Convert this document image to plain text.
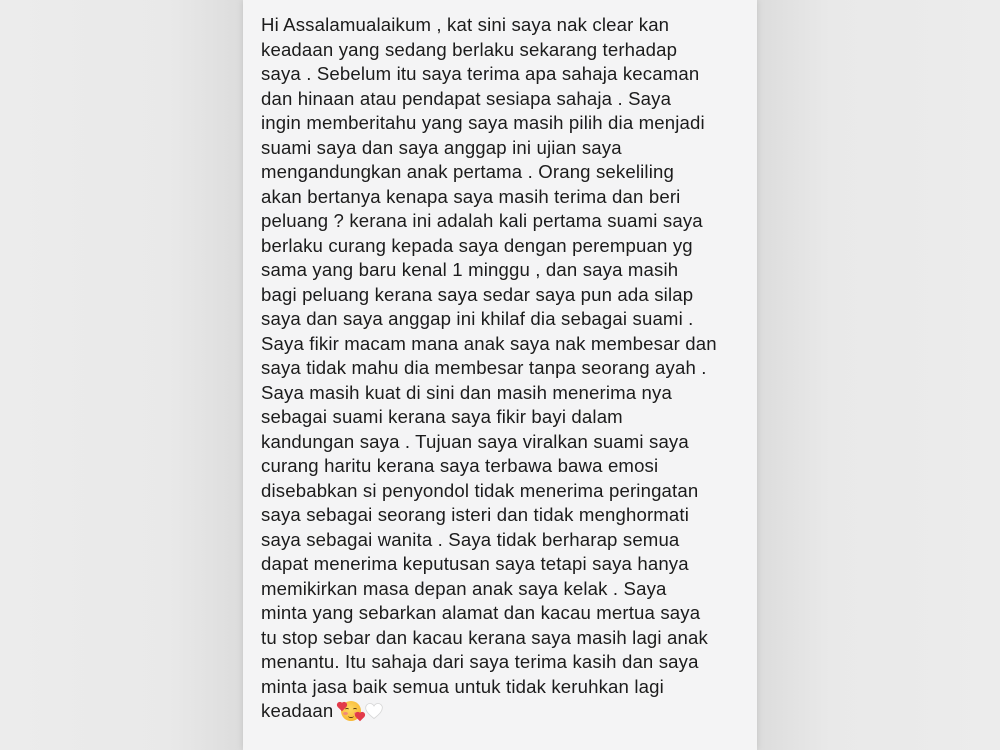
Hi Assalamualaikum , kat sini saya nak clear kan
keadaan yang sedang berlaku sekarang terhadap
saya . Sebelum itu saya terima apa sahaja kecaman
dan hinaan atau pendapat sesiapa sahaja . Saya
ingin memberitahu yang saya masih pilih dia menjadi
suami saya dan saya anggap ini ujian saya
mengandungkan anak pertama . Orang sekeliling
akan bertanya kenapa saya masih terima dan beri
peluang ? kerana ini adalah kali pertama suami saya
berlaku curang kepada saya dengan perempuan yg
sama yang baru kenal 1 minggu , dan saya masih
bagi peluang kerana saya sedar saya pun ada silap
saya dan saya anggap ini khilaf dia sebagai suami .
Saya fikir macam mana anak saya nak membesar dan
saya tidak mahu dia membesar tanpa seorang ayah .
Saya masih kuat di sini dan masih menerima nya
sebagai suami kerana saya fikir bayi dalam
kandungan saya . Tujuan saya viralkan suami saya
curang haritu kerana saya terbawa bawa emosi
disebabkan si penyondol tidak menerima peringatan
saya sebagai seorang isteri dan tidak menghormati
saya sebagai wanita . Saya tidak berharap semua
dapat menerima keputusan saya tetapi saya hanya
memikirkan masa depan anak saya kelak . Saya
minta yang sebarkan alamat dan kacau mertua saya
tu stop sebar dan kacau kerana saya masih lagi anak
menantu. Itu sahaja dari saya terima kasih dan saya
minta jasa baik semua untuk tidak keruhkan lagi
keadaan
